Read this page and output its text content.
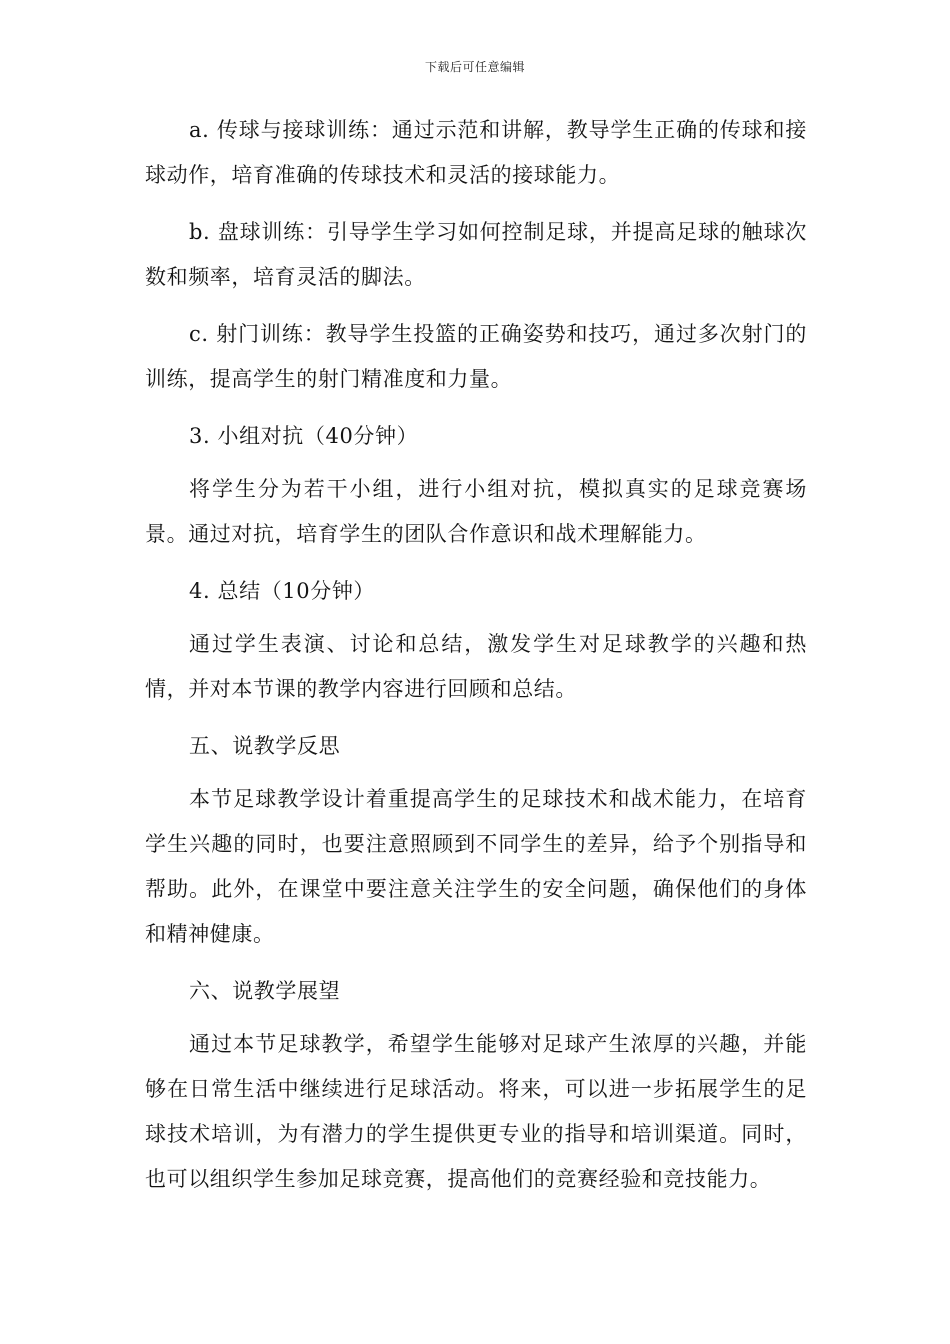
下载后可任意编辑

a. 传球与接球训练：通过示范和讲解，教导学生正确的传球和接球动作，培育准确的传球技术和灵活的接球能力。

b. 盘球训练：引导学生学习如何控制足球，并提高足球的触球次数和频率，培育灵活的脚法。

c. 射门训练：教导学生投篮的正确姿势和技巧，通过多次射门的训练，提高学生的射门精准度和力量。

3. 小组对抗（40分钟）

将学生分为若干小组，进行小组对抗，模拟真实的足球竞赛场景。通过对抗，培育学生的团队合作意识和战术理解能力。

4. 总结（10分钟）

通过学生表演、讨论和总结，激发学生对足球教学的兴趣和热情，并对本节课的教学内容进行回顾和总结。

五、说教学反思

本节足球教学设计着重提高学生的足球技术和战术能力，在培育学生兴趣的同时，也要注意照顾到不同学生的差异，给予个别指导和帮助。此外，在课堂中要注意关注学生的安全问题，确保他们的身体和精神健康。

六、说教学展望

通过本节足球教学，希望学生能够对足球产生浓厚的兴趣，并能够在日常生活中继续进行足球活动。将来，可以进一步拓展学生的足球技术培训，为有潜力的学生提供更专业的指导和培训渠道。同时，也可以组织学生参加足球竞赛，提高他们的竞赛经验和竞技能力。
